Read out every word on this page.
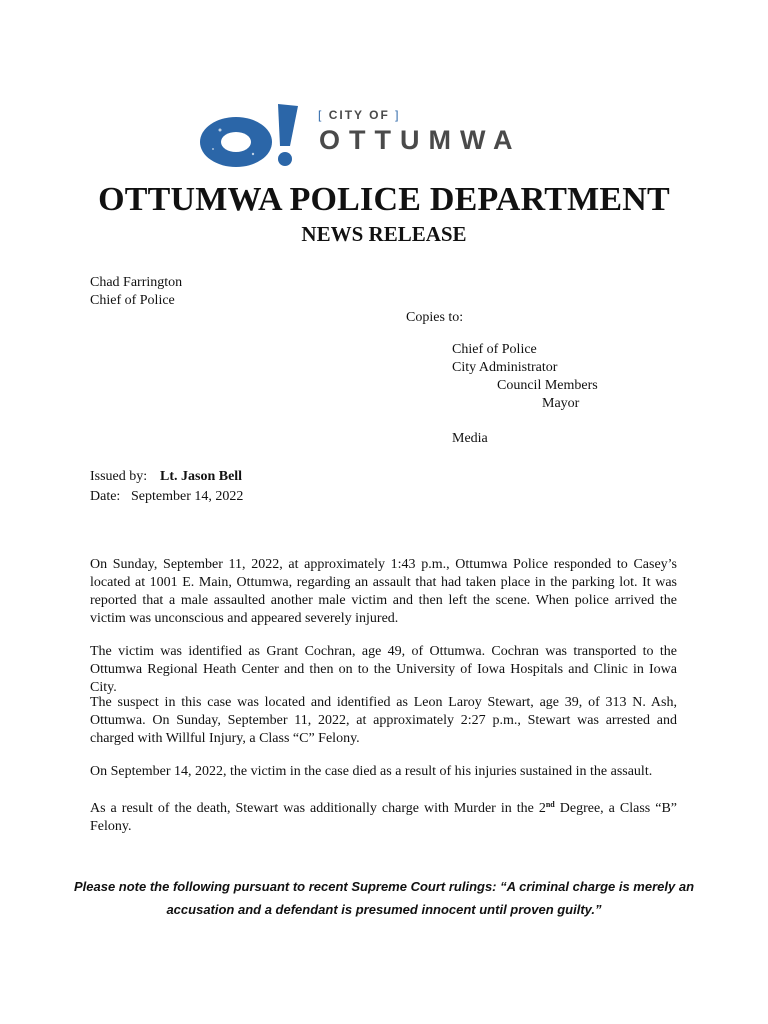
[ CITY OF ]
OTTUMWA
OTTUMWA POLICE DEPARTMENT
NEWS RELEASE
Chad Farrington
Chief of Police
Copies to:
Chief of Police
City Administrator
Council Members
Mayor
Media
Issued by: Lt. Jason Bell
Date: September 14, 2022
On Sunday, September 11, 2022, at approximately 1:43 p.m., Ottumwa Police responded to Casey’s located at 1001 E. Main, Ottumwa, regarding an assault that had taken place in the parking lot. It was reported that a male assaulted another male victim and then left the scene. When police arrived the victim was unconscious and appeared severely injured.
The victim was identified as Grant Cochran, age 49, of Ottumwa. Cochran was transported to the Ottumwa Regional Heath Center and then on to the University of Iowa Hospitals and Clinic in Iowa City.
The suspect in this case was located and identified as Leon Laroy Stewart, age 39, of 313 N. Ash, Ottumwa. On Sunday, September 11, 2022, at approximately 2:27 p.m., Stewart was arrested and charged with Willful Injury, a Class “C” Felony.
On September 14, 2022, the victim in the case died as a result of his injuries sustained in the assault.
As a result of the death, Stewart was additionally charge with Murder in the 2nd Degree, a Class “B” Felony.
Please note the following pursuant to recent Supreme Court rulings: “A criminal charge is merely an
accusation and a defendant is presumed innocent until proven guilty.”
